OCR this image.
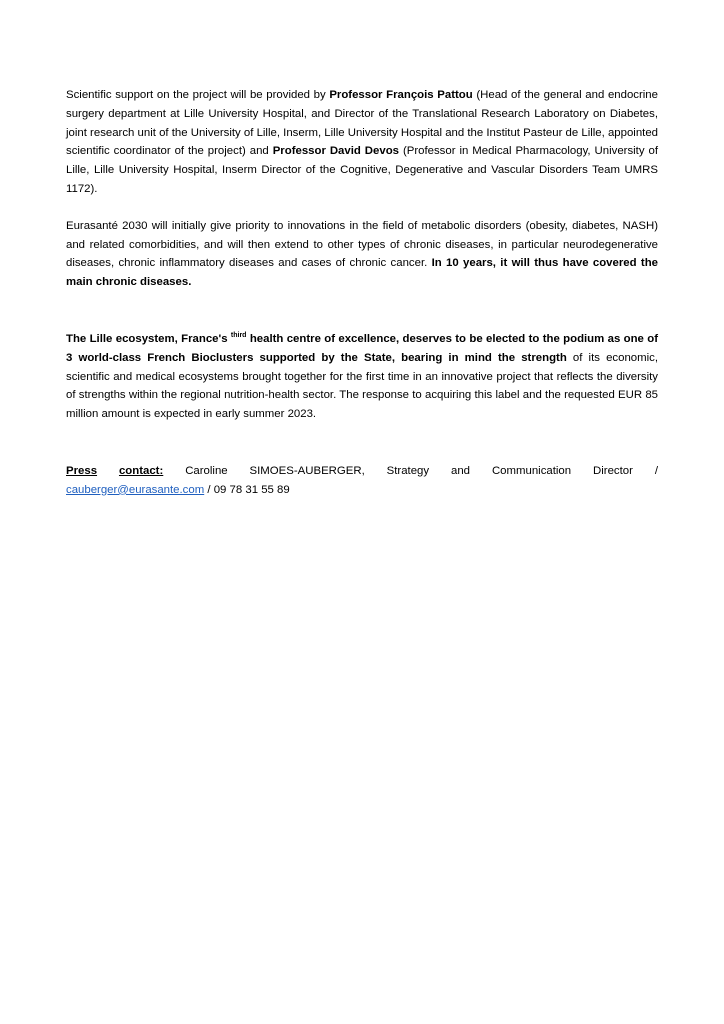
Scientific support on the project will be provided by Professor François Pattou (Head of the general and endocrine surgery department at Lille University Hospital, and Director of the Translational Research Laboratory on Diabetes, joint research unit of the University of Lille, Inserm, Lille University Hospital and the Institut Pasteur de Lille, appointed scientific coordinator of the project) and Professor David Devos (Professor in Medical Pharmacology, University of Lille, Lille University Hospital, Inserm Director of the Cognitive, Degenerative and Vascular Disorders Team UMRS 1172).

Eurasanté 2030 will initially give priority to innovations in the field of metabolic disorders (obesity, diabetes, NASH) and related comorbidities, and will then extend to other types of chronic diseases, in particular neurodegenerative diseases, chronic inflammatory diseases and cases of chronic cancer. In 10 years, it will thus have covered the main chronic diseases.

The Lille ecosystem, France's $^{third}$ health centre of excellence, deserves to be elected to the podium as one of 3 world-class French Bioclusters supported by the State, bearing in mind the strength of its economic, scientific and medical ecosystems brought together for the first time in an innovative project that reflects the diversity of strengths within the regional nutrition-health sector. The response to acquiring this label and the requested EUR 85 million amount is expected in early summer 2023.

Press contact: Caroline SIMOES-AUBERGER, Strategy and Communication Director /
cauberger@eurasante.com / 09 78 31 55 89
